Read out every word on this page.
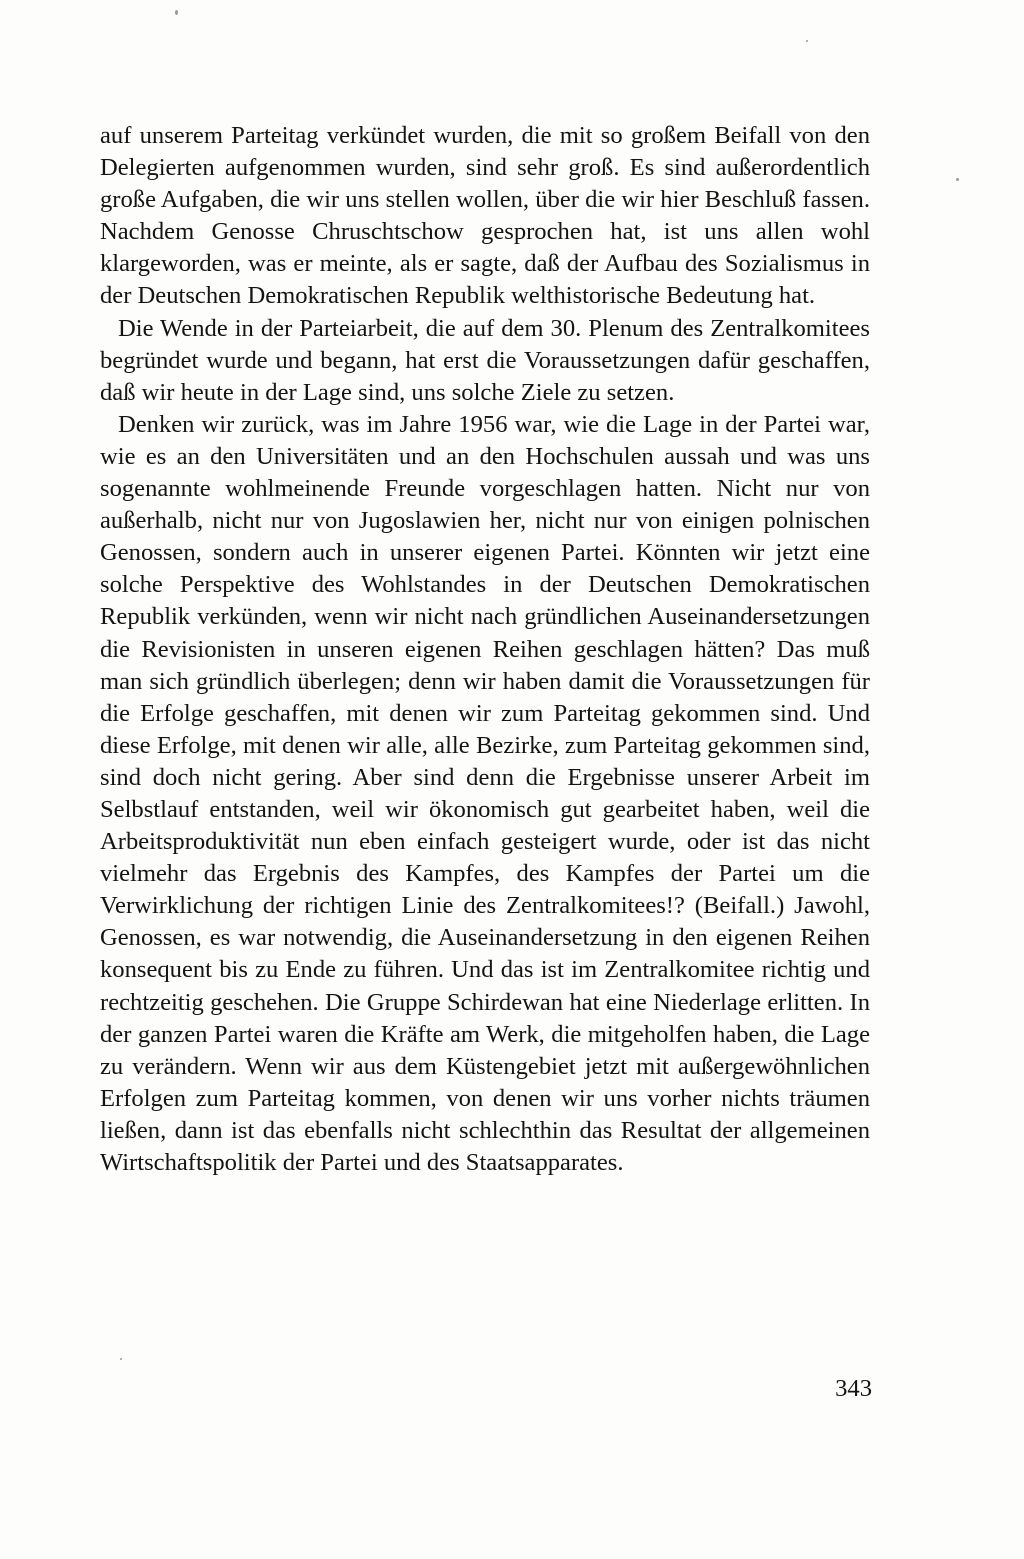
auf unserem Parteitag verkündet wurden, die mit so großem Beifall von den Delegierten aufgenommen wurden, sind sehr groß. Es sind außerordentlich große Aufgaben, die wir uns stellen wollen, über die wir hier Beschluß fassen. Nachdem Genosse Chruschtschow gesprochen hat, ist uns allen wohl klargeworden, was er meinte, als er sagte, daß der Aufbau des Sozialismus in der Deutschen Demokratischen Republik welthistorische Bedeutung hat.

Die Wende in der Parteiarbeit, die auf dem 30. Plenum des Zentralkomitees begründet wurde und begann, hat erst die Voraussetzungen dafür geschaffen, daß wir heute in der Lage sind, uns solche Ziele zu setzen.

Denken wir zurück, was im Jahre 1956 war, wie die Lage in der Partei war, wie es an den Universitäten und an den Hochschulen aussah und was uns sogenannte wohlmeinende Freunde vorgeschlagen hatten. Nicht nur von außerhalb, nicht nur von Jugoslawien her, nicht nur von einigen polnischen Genossen, sondern auch in unserer eigenen Partei. Könnten wir jetzt eine solche Perspektive des Wohlstandes in der Deutschen Demokratischen Republik verkünden, wenn wir nicht nach gründlichen Auseinandersetzungen die Revisionisten in unseren eigenen Reihen geschlagen hätten? Das muß man sich gründlich überlegen; denn wir haben damit die Voraussetzungen für die Erfolge geschaffen, mit denen wir zum Parteitag gekommen sind. Und diese Erfolge, mit denen wir alle, alle Bezirke, zum Parteitag gekommen sind, sind doch nicht gering. Aber sind denn die Ergebnisse unserer Arbeit im Selbstlauf entstanden, weil wir ökonomisch gut gearbeitet haben, weil die Arbeitsproduktivität nun eben einfach gesteigert wurde, oder ist das nicht vielmehr das Ergebnis des Kampfes, des Kampfes der Partei um die Verwirklichung der richtigen Linie des Zentralkomitees!? (Beifall.) Jawohl, Genossen, es war notwendig, die Auseinandersetzung in den eigenen Reihen konsequent bis zu Ende zu führen. Und das ist im Zentralkomitee richtig und rechtzeitig geschehen. Die Gruppe Schirdewan hat eine Niederlage erlitten. In der ganzen Partei waren die Kräfte am Werk, die mitgeholfen haben, die Lage zu verändern. Wenn wir aus dem Küstengebiet jetzt mit außergewöhnlichen Erfolgen zum Parteitag kommen, von denen wir uns vorher nichts träumen ließen, dann ist das ebenfalls nicht schlechthin das Resultat der allgemeinen Wirtschaftspolitik der Partei und des Staatsapparates.

343
